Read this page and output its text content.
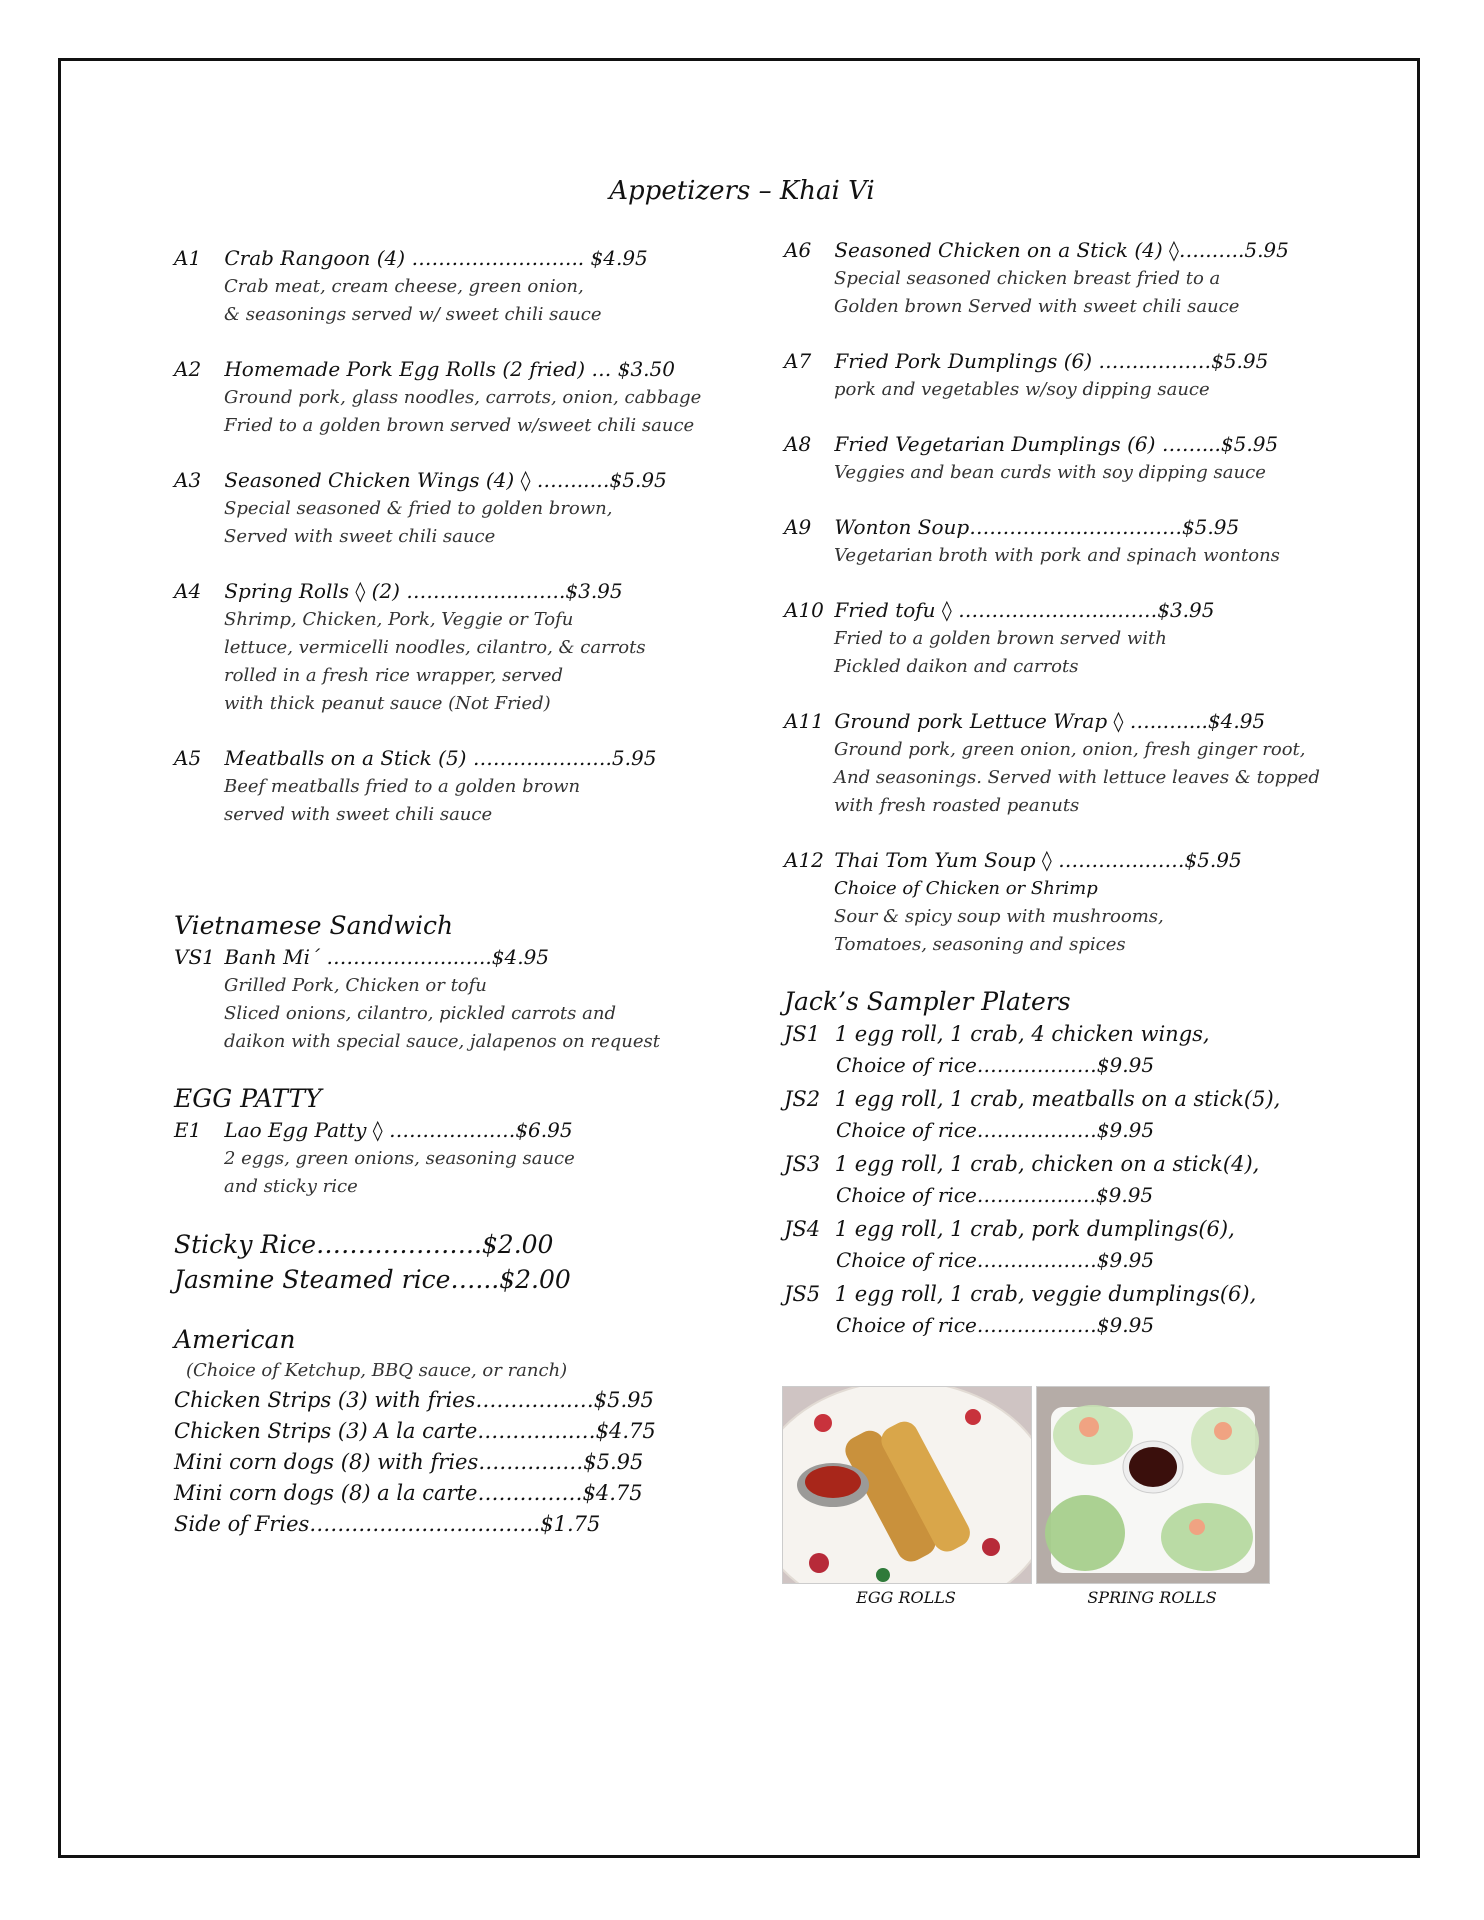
Appetizers – Khai Vi
A1 Crab Rangoon (4) …………………….. $4.95
Crab meat, cream cheese, green onion,
& seasonings served w/ sweet chili sauce
A2 Homemade Pork Egg Rolls (2 fried) … $3.50
Ground pork, glass noodles, carrots, onion, cabbage
Fried to a golden brown served w/sweet chili sauce
A3 Seasoned Chicken Wings (4) ◊ ……..…$5.95
Special seasoned & fried to golden brown,
Served with sweet chili sauce
A4 Spring Rolls ◊ (2) ……………..…….$3.95
Shrimp, Chicken, Pork, Veggie or Tofu
lettuce, vermicelli noodles, cilantro, & carrots
rolled in a fresh rice wrapper, served
with thick peanut sauce (Not Fried)
A5 Meatballs on a Stick (5) ………..……….5.95
Beef meatballs fried to a golden brown
served with sweet chili sauce
Vietnamese Sandwich
VS1 Banh Mi´ ………………..…..$4.95
Grilled Pork, Chicken or tofu
Sliced onions, cilantro, pickled carrots and
daikon with special sauce, jalapenos on request
EGG PATTY
E1 Lao Egg Patty ◊ …………….…$6.95
2 eggs, green onions, seasoning sauce
and sticky rice
Sticky Rice………………..$2.00
Jasmine Steamed rice…...$2.00
American
(Choice of Ketchup, BBQ sauce, or ranch)
Chicken Strips (3) with fries…………..…$5.95
Chicken Strips (3) A la carte…………..…$4.75
Mini corn dogs (8) with fries……………$5.95
Mini corn dogs (8) a la carte……………$4.75
Side of Fries……………………………$1.75
A6 Seasoned Chicken on a Stick (4) ◊…..…..5.95
Special seasoned chicken breast fried to a
Golden brown Served with sweet chili sauce
A7 Fried Pork Dumplings (6) ……..………$5.95
pork and vegetables w/soy dipping sauce
A8 Fried Vegetarian Dumplings (6) ……...$5.95
Veggies and bean curds with soy dipping sauce
A9 Wonton Soup……………..……………$5.95
Vegetarian broth with pork and spinach wontons
A10 Fried tofu ◊ …………………...……$3.95
Fried to a golden brown served with
Pickled daikon and carrots
A11 Ground pork Lettuce Wrap ◊ …..…....$4.95
Ground pork, green onion, onion, fresh ginger root,
And seasonings. Served with lettuce leaves & topped
with fresh roasted peanuts
A12 Thai Tom Yum Soup ◊ ………….……$5.95
Choice of Chicken or Shrimp
Sour & spicy soup with mushrooms,
Tomatoes, seasoning and spices
Jack’s Sampler Platers
JS1 1 egg roll, 1 crab, 4 chicken wings,
Choice of rice………………$9.95
JS2 1 egg roll, 1 crab, meatballs on a stick(5),
Choice of rice………………$9.95
JS3 1 egg roll, 1 crab, chicken on a stick(4),
Choice of rice…………..….$9.95
JS4 1 egg roll, 1 crab, pork dumplings(6),
Choice of rice………………$9.95
JS5 1 egg roll, 1 crab, veggie dumplings(6),
Choice of rice………………$9.95
EGG ROLLS	SPRING ROLLS
